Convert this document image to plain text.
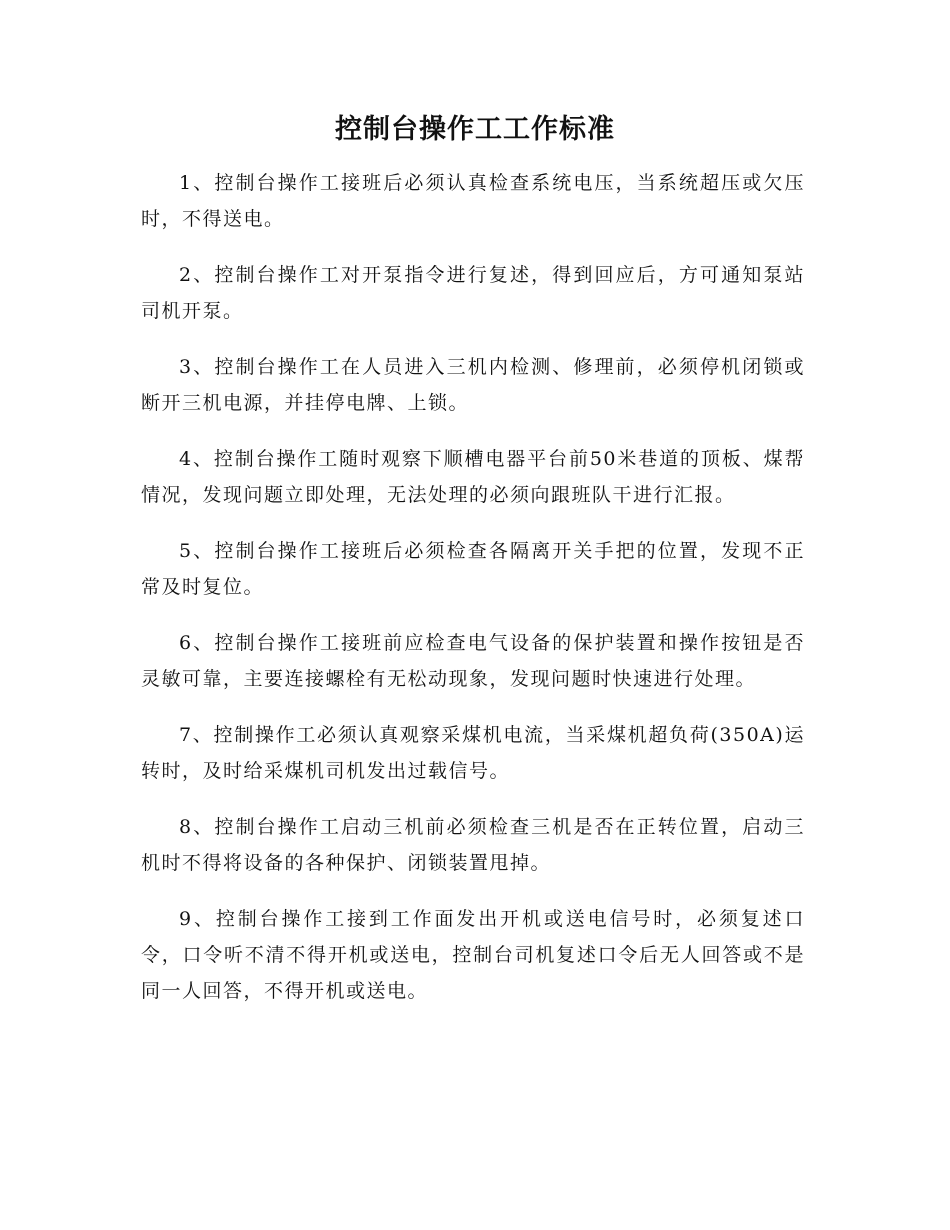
控制台操作工工作标准

1、控制台操作工接班后必须认真检查系统电压，当系统超压或欠压时，不得送电。

2、控制台操作工对开泵指令进行复述，得到回应后，方可通知泵站司机开泵。

3、控制台操作工在人员进入三机内检测、修理前，必须停机闭锁或断开三机电源，并挂停电牌、上锁。

4、控制台操作工随时观察下顺槽电器平台前50米巷道的顶板、煤帮情况，发现问题立即处理，无法处理的必须向跟班队干进行汇报。

5、控制台操作工接班后必须检查各隔离开关手把的位置，发现不正常及时复位。

6、控制台操作工接班前应检查电气设备的保护装置和操作按钮是否灵敏可靠，主要连接螺栓有无松动现象，发现问题时快速进行处理。

7、控制操作工必须认真观察采煤机电流，当采煤机超负荷(350A)运转时，及时给采煤机司机发出过载信号。

8、控制台操作工启动三机前必须检查三机是否在正转位置，启动三机时不得将设备的各种保护、闭锁装置甩掉。

9、控制台操作工接到工作面发出开机或送电信号时，必须复述口令，口令听不清不得开机或送电，控制台司机复述口令后无人回答或不是同一人回答，不得开机或送电。
